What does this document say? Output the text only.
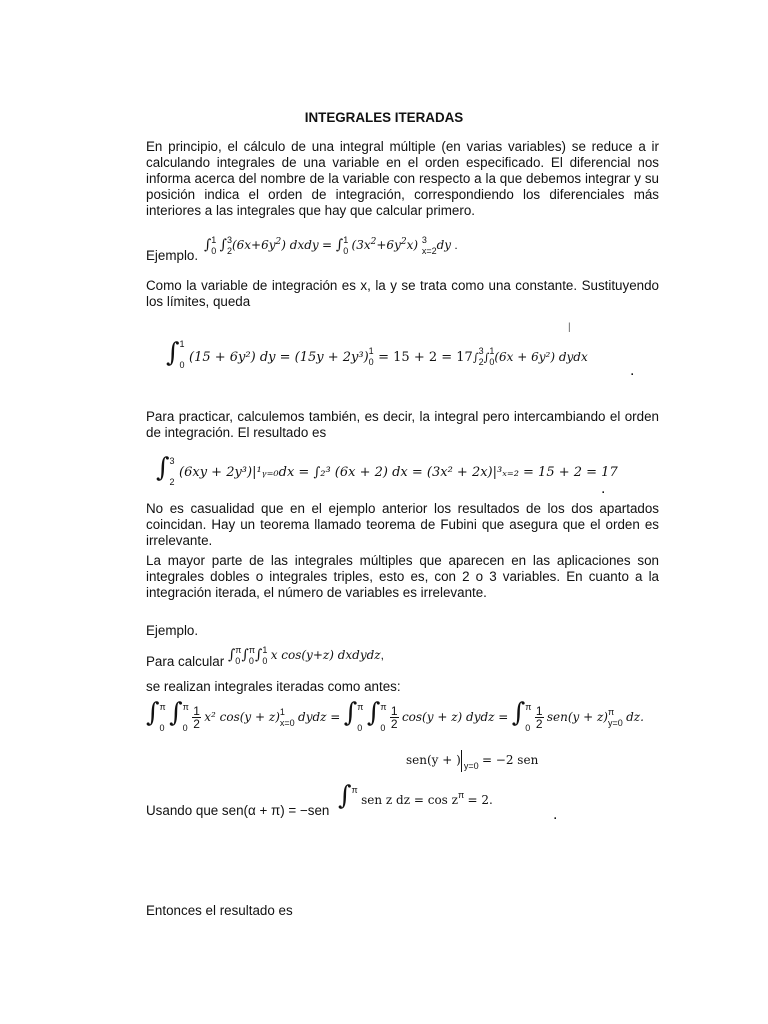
INTEGRALES ITERADAS
En principio, el cálculo de una integral múltiple (en varias variables) se reduce a ir calculando integrales de una variable en el orden especificado. El diferencial nos informa acerca del nombre de la variable con respecto a la que debemos integrar y su posición indica el orden de integración, correspondiendo los diferenciales más interiores a las integrales que hay que calcular primero.
Ejemplo.
∫ 1
0 ∫ 3
2 $(6x+6y^2)$ dxdy = ∫ 1
0 $(3x^2+6y^2x)$ 3
x=2 dy .
Como la variable de integración es x, la y se trata como una constante. Sustituyendo los límites, queda
|
∫ 1
0 (15 + 6y²) dy = (15y + 2y³) 1
0 = 15 + 2 = 17∫
3
2 ∫
1
0 (6x + 6y²) dydx
.
Para practicar, calculemos también, es decir, la integral pero intercambiando el orden de integración. El resultado es
∫ 3
2
(6xy + 2y³)|¹ᵧ₌₀dx = ∫₂³ (6x + 2) dx = (3x² + 2x)|³ₓ₌₂ = 15 + 2 = 17
.
No es casualidad que en el ejemplo anterior los resultados de los dos apartados coincidan. Hay un teorema llamado teorema de Fubini que asegura que el orden es irrelevante.
La mayor parte de las integrales múltiples que aparecen en las aplicaciones son integrales dobles o integrales triples, esto es, con 2 o 3 variables. En cuanto a la integración iterada, el número de variables es irrelevante.
Ejemplo.
Para calcular ∫ π
0 ∫ π
0 ∫ 1
0 x cos(y+z) dxdydz,
se realizan integrales iteradas como antes:
∫ π
0 ∫ π
0
$\frac{1}{2} x^2$ cos(y + z) 1
x=0 dydz = ∫ π
0 ∫ π
0
$\frac{1}{2} \cos(y + z)$ dydz = ∫ π
0
$\frac{1}{2} sen(y + z)$ π
y=0 dz.
sen(y + )
y=0 = −2 sen
Usando que sen(α + π) = −sen ∫ π

sen z dz = cos z π
= 2.
.
Entonces el resultado es
